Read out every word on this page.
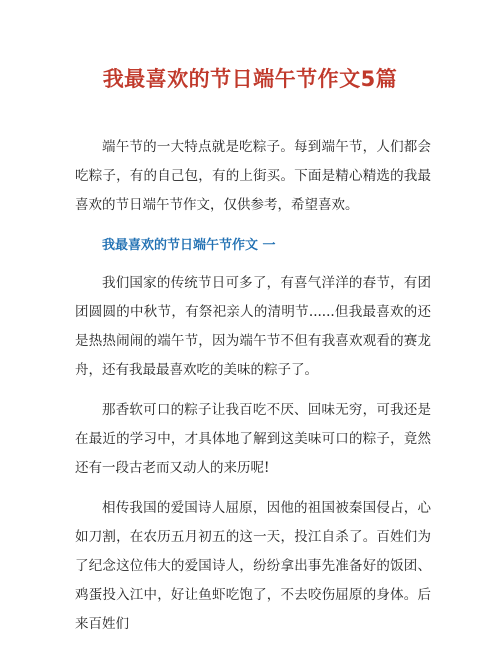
我最喜欢的节日端午节作文5篇

端午节的一大特点就是吃粽子。每到端午节，人们都会吃粽子，有的自己包，有的上街买。下面是精心精选的我最喜欢的节日端午节作文，仅供参考，希望喜欢。

我最喜欢的节日端午节作文 一

我们国家的传统节日可多了，有喜气洋洋的春节，有团团圆圆的中秋节，有祭祀亲人的清明节......但我最喜欢的还是热热闹闹的端午节，因为端午节不但有我喜欢观看的赛龙舟，还有我最最喜欢吃的美味的粽子了。

那香软可口的粽子让我百吃不厌、回味无穷，可我还是在最近的学习中，才具体地了解到这美味可口的粽子，竟然还有一段古老而又动人的来历呢!

相传我国的爱国诗人屈原，因他的祖国被秦国侵占，心如刀割，在农历五月初五的这一天，投江自杀了。百姓们为了纪念这位伟大的爱国诗人，纷纷拿出事先准备好的饭团、鸡蛋投入江中，好让鱼虾吃饱了，不去咬伤屈原的身体。后来百姓们
